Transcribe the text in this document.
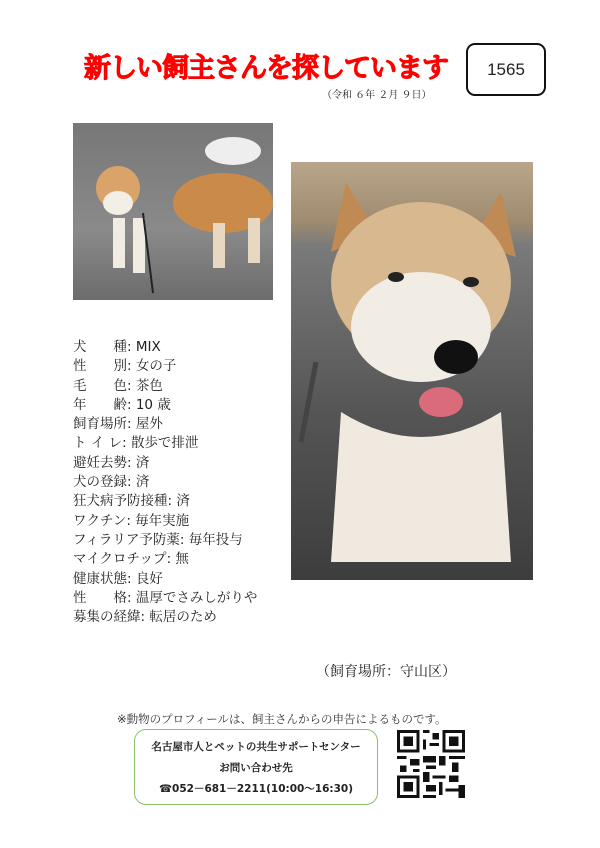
新しい飼主さんを探しています
（令和 ６年 ２月 ９日）
1565
犬　　種 : MIX
性　　別 : 女の子
毛　　色 : 茶色
年　　齢 : 10 歳
飼育場所 : 屋外
ト イ レ : 散歩で排泄
避妊去勢 : 済
犬の登録 : 済
狂犬病予防接種 : 済
ワクチン : 毎年実施
フィラリア予防薬 : 毎年投与
マイクロチップ : 無
健康状態 : 良好
性　　格 : 温厚でさみしがりや
募集の経緯 : 転居のため
（飼育場所：守山区）
※動物のプロフィールは、飼主さんからの申告によるものです。
名古屋市人とペットの共生サポートセンター
お問い合わせ先
☎052－681－2211(10:00～16:30)
